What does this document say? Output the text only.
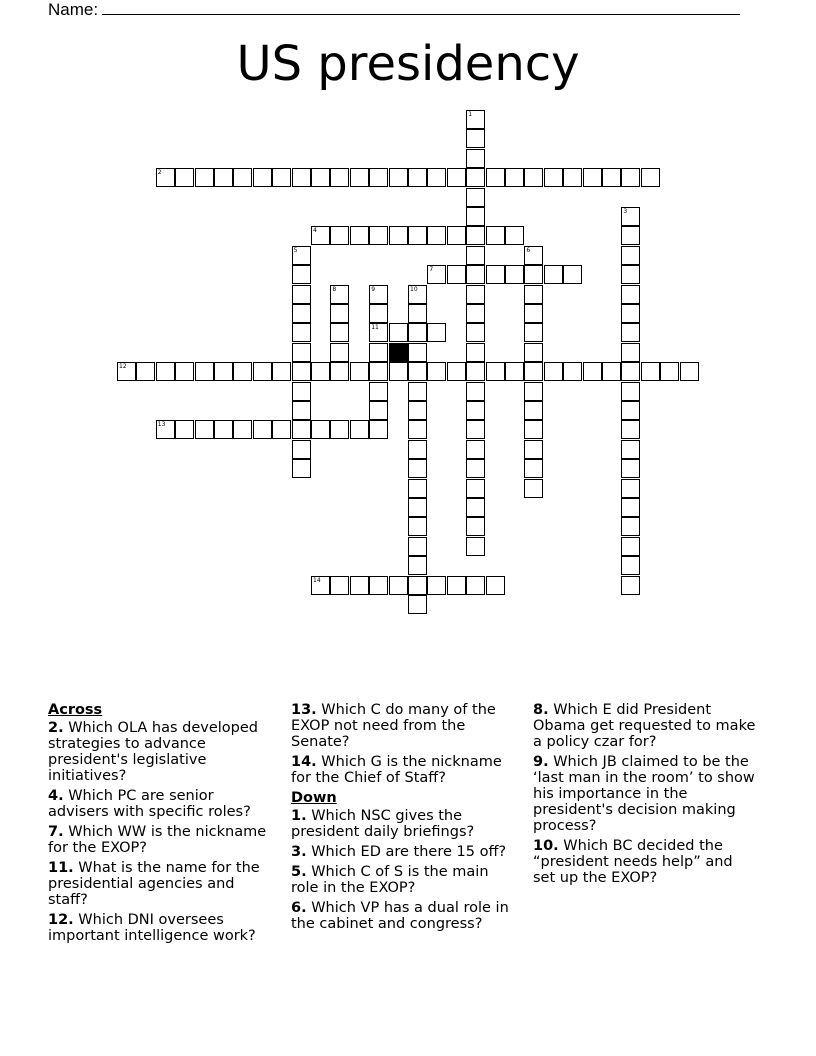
Name:
US presidency
1
2
3
4
5	6
7
8	9
11
10
12
13
14
Across
2. Which OLA has developed strategies to advance president's legislative initiatives?
4. Which PC are senior advisers with specific roles?
7. Which WW is the nickname for the EXOP?
11. What is the name for the presidential agencies and staff?
12. Which DNI oversees important intelligence work?
13. Which C do many of the EXOP not need from the Senate?
14. Which G is the nickname for the Chief of Staff?
Down
1. Which NSC gives the president daily briefings?
3. Which ED are there 15 off?
5. Which C of S is the main role in the EXOP?
6. Which VP has a dual role in the cabinet and congress?
8. Which E did President Obama get requested to make a policy czar for?
9. Which JB claimed to be the ‘last man in the room’ to show his importance in the president's decision making process?
10. Which BC decided the “president needs help” and set up the EXOP?
